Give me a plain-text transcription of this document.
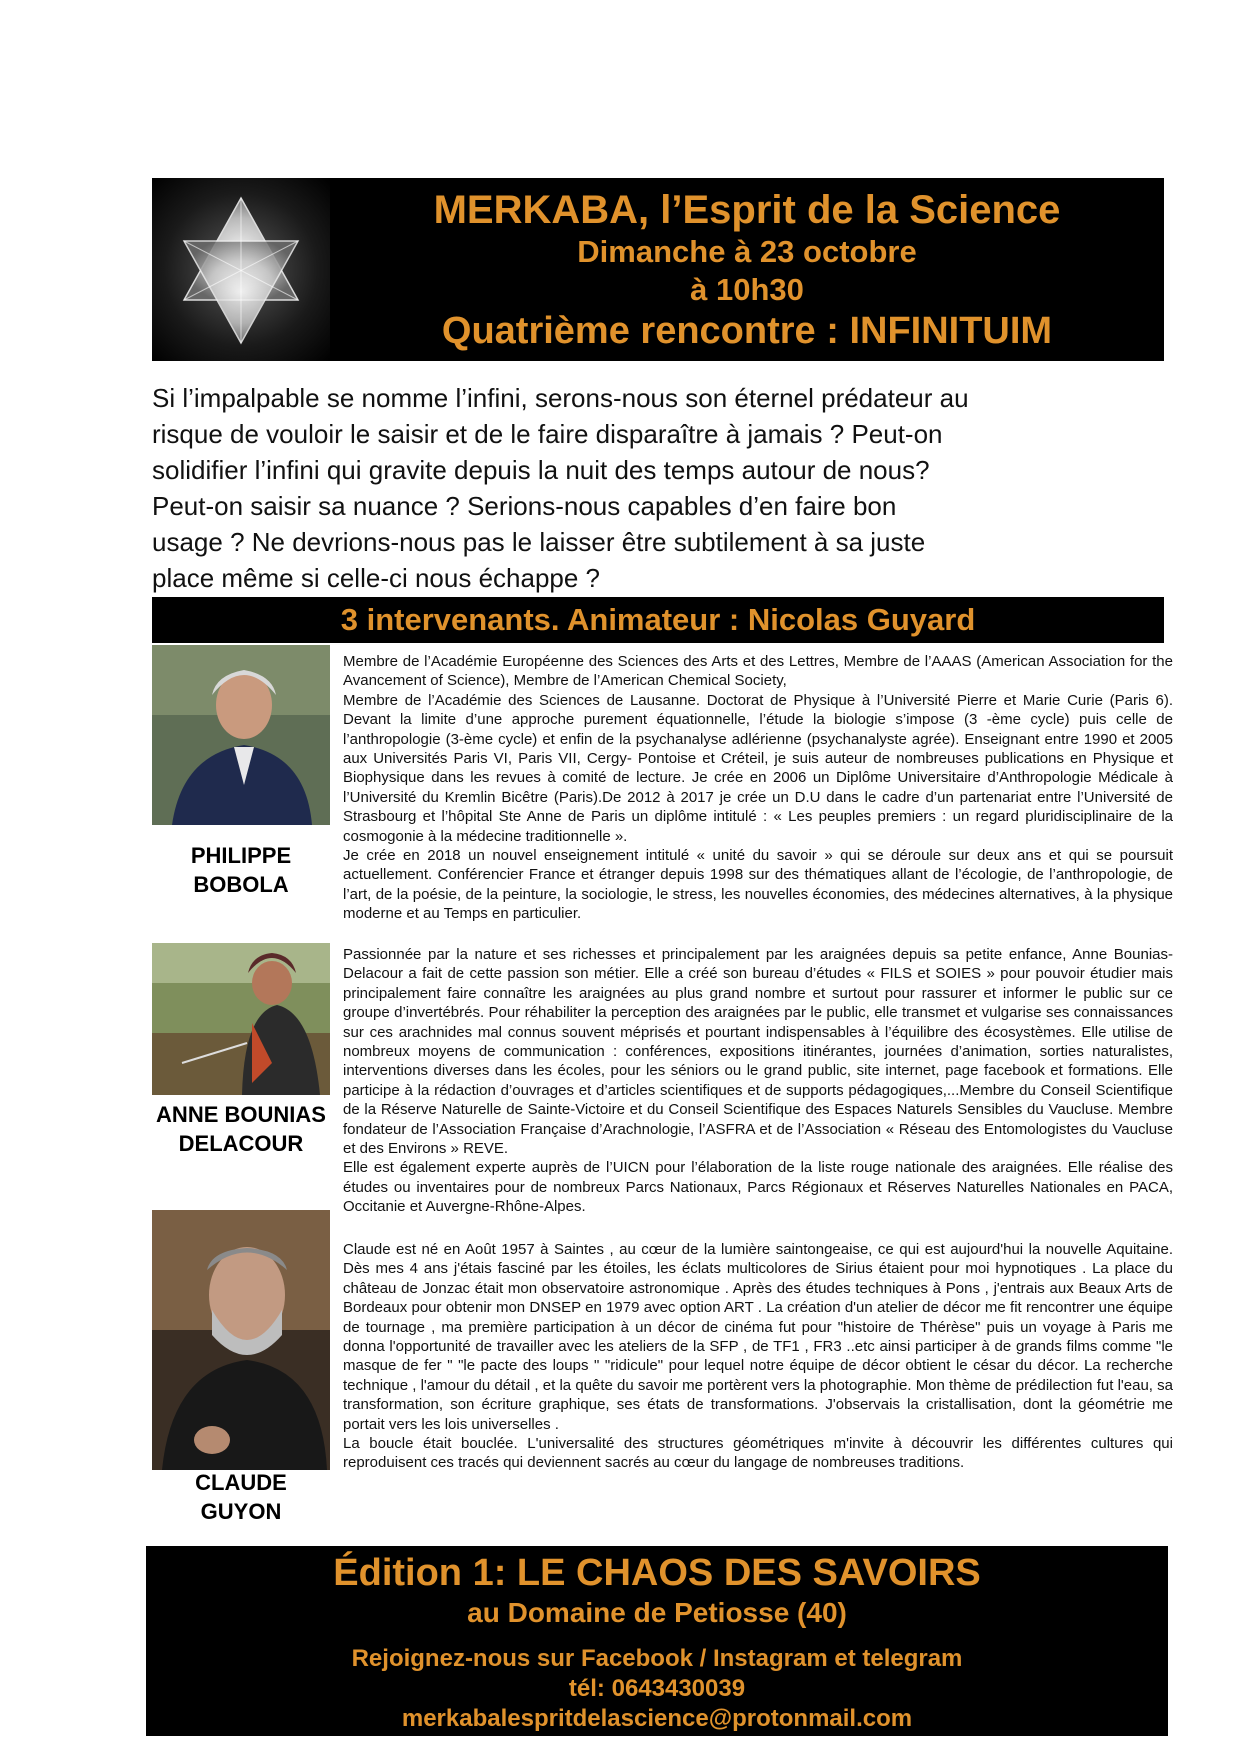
MERKABA, l’Esprit de la Science
Dimanche à 23 octobre
à 10h30
Quatrième rencontre : INFINITUIM
Si l’impalpable se nomme l’infini, serons-nous son éternel prédateur au
risque de vouloir le saisir et de le faire disparaître à jamais ? Peut-on
solidifier l’infini qui gravite depuis la nuit des temps autour de nous?
Peut-on saisir sa nuance ? Serions-nous capables d’en faire bon
usage ? Ne devrions-nous pas le laisser être subtilement à sa juste
place même si celle-ci nous échappe ?
3 intervenants. Animateur : Nicolas Guyard
PHILIPPE
BOBOLA
Membre de l’Académie Européenne des Sciences des Arts et des Lettres, Membre de l’AAAS (American Association for the Avancement of Science), Membre de l’American Chemical Society,
Membre de l’Académie des Sciences de Lausanne. Doctorat de Physique à l’Université Pierre et Marie Curie (Paris 6). Devant la limite d’une approche purement équationnelle, l’étude la biologie s’impose (3 -ème cycle) puis celle de l’anthropologie (3-ème cycle) et enfin de la psychanalyse adlérienne (psychanalyste agrée). Enseignant entre 1990 et 2005 aux Universités Paris VI, Paris VII, Cergy- Pontoise et Créteil, je suis auteur de nombreuses publications en Physique et Biophysique dans les revues à comité de lecture. Je crée en 2006 un Diplôme Universitaire d’Anthropologie Médicale à l’Université du Kremlin Bicêtre (Paris).De 2012 à 2017 je crée un D.U dans le cadre d’un partenariat entre l’Université de Strasbourg et l’hôpital Ste Anne de Paris un diplôme intitulé : « Les peuples premiers : un regard pluridisciplinaire de la cosmogonie à la médecine traditionnelle ».
Je crée en 2018 un nouvel enseignement intitulé « unité du savoir » qui se déroule sur deux ans et qui se poursuit actuellement. Conférencier France et étranger depuis 1998 sur des thématiques allant de l’écologie, de l’anthropologie, de l’art, de la poésie, de la peinture, la sociologie, le stress, les nouvelles économies, des médecines alternatives, à la physique moderne et au Temps en particulier.
ANNE BOUNIAS
DELACOUR
Passionnée par la nature et ses richesses et principalement par les araignées depuis sa petite enfance, Anne Bounias-Delacour a fait de cette passion son métier. Elle a créé son bureau d’études « FILS et SOIES » pour pouvoir étudier mais principalement faire connaître les araignées au plus grand nombre et surtout pour rassurer et informer le public sur ce groupe d’invertébrés. Pour réhabiliter la perception des araignées par le public, elle transmet et vulgarise ses connaissances sur ces arachnides mal connus souvent méprisés et pourtant indispensables à l’équilibre des écosystèmes. Elle utilise de nombreux moyens de communication : conférences, expositions itinérantes, journées d’animation, sorties naturalistes, interventions diverses dans les écoles, pour les séniors ou le grand public, site internet, page facebook et formations. Elle participe à la rédaction d’ouvrages et d’articles scientifiques et de supports pédagogiques,...Membre du Conseil Scientifique de la Réserve Naturelle de Sainte-Victoire et du Conseil Scientifique des Espaces Naturels Sensibles du Vaucluse. Membre fondateur de l’Association Française d’Arachnologie, l’ASFRA et de l’Association « Réseau des Entomologistes du Vaucluse et des Environs » REVE.
Elle est également experte auprès de l’UICN pour l’élaboration de la liste rouge nationale des araignées. Elle réalise des études ou inventaires pour de nombreux Parcs Nationaux, Parcs Régionaux et Réserves Naturelles Nationales en PACA, Occitanie et Auvergne-Rhône-Alpes.
CLAUDE
GUYON
Claude est né en Août 1957 à Saintes , au cœur de la lumière saintongeaise, ce qui est aujourd'hui la nouvelle Aquitaine. Dès mes 4 ans j'étais fasciné par les étoiles, les éclats multicolores de Sirius étaient pour moi hypnotiques . La place du château de Jonzac était mon observatoire astronomique . Après des études techniques à Pons , j'entrais aux Beaux Arts de Bordeaux pour obtenir mon DNSEP en 1979 avec option ART . La création d'un atelier de décor me fit rencontrer une équipe de tournage , ma première participation à un décor de cinéma fut pour "histoire de Thérèse" puis un voyage à Paris me donna l'opportunité de travailler avec les ateliers de la SFP , de TF1 , FR3 ..etc ainsi participer à de grands films comme "le masque de fer " "le pacte des loups " "ridicule" pour lequel notre équipe de décor obtient le césar du décor. La recherche technique , l'amour du détail , et la quête du savoir me portèrent vers la photographie. Mon thème de prédilection fut l'eau, sa transformation, son écriture graphique, ses états de transformations. J'observais la cristallisation, dont la géométrie me portait vers les lois universelles .
La boucle était bouclée. L'universalité des structures géométriques m'invite à découvrir les différentes cultures qui reproduisent ces tracés qui deviennent sacrés au cœur du langage de nombreuses traditions.
Édition 1: LE CHAOS DES SAVOIRS
au Domaine de Petiosse (40)
Rejoignez-nous sur Facebook / Instagram et telegram
tél: 0643430039
merkabalespritdelascience@protonmail.com
